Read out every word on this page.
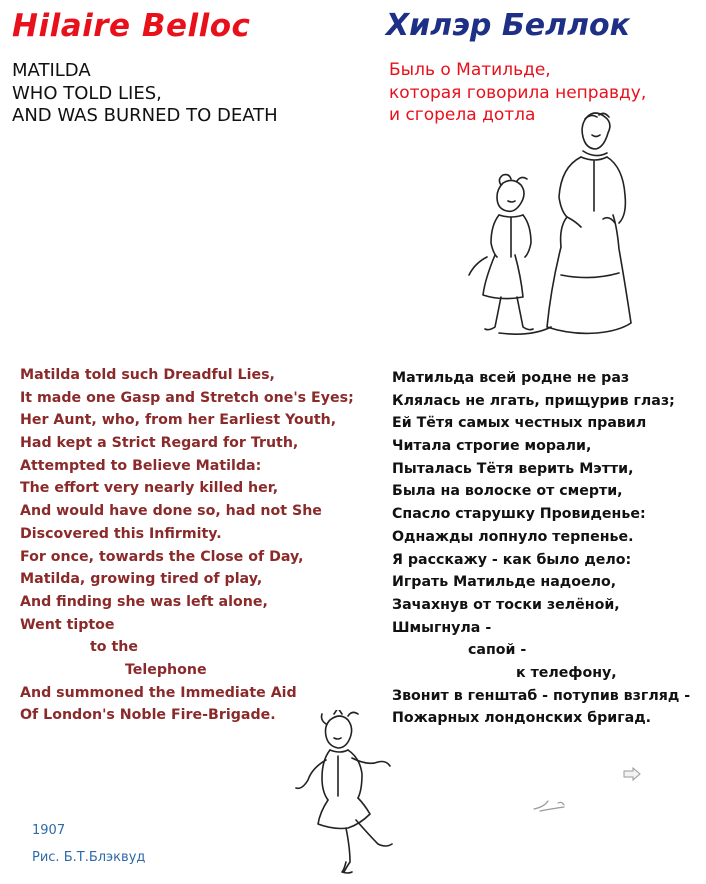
Hilaire Belloc	Хилэр Беллок
MATILDA
WHO TOLD LIES,
AND WAS BURNED TO DEATH
Быль о Матильде,
которая говорила неправду,
и сгорела дотла
Matilda told such Dreadful Lies,
It made one Gasp and Stretch one's Eyes;
Her Aunt, who, from her Earliest Youth,
Had kept a Strict Regard for Truth,
Attempted to Believe Matilda:
The effort very nearly killed her,
And would have done so, had not She
Discovered this Infirmity.
For once, towards the Close of Day,
Matilda, growing tired of play,
And finding she was left alone,
Went tiptoe
to the
Telephone
And summoned the Immediate Aid
Of London's Noble Fire-Brigade.
Матильда всей родне не раз
Клялась не лгать, прищурив глаз;
Ей Тётя самых честных правил
Читала строгие морали,
Пыталась Тётя верить Мэтти,
Была на волоске от смерти,
Спасло старушку Провиденье:
Однажды лопнуло терпенье.
Я расскажу - как было дело:
Играть Матильде надоело,
Зачахнув от тоски зелёной,
Шмыгнула -
сапой -
к телефону,
Звонит в генштаб - потупив взгляд -
Пожарных лондонских бригад.
1907
Рис. Б.Т.Блэквуд
